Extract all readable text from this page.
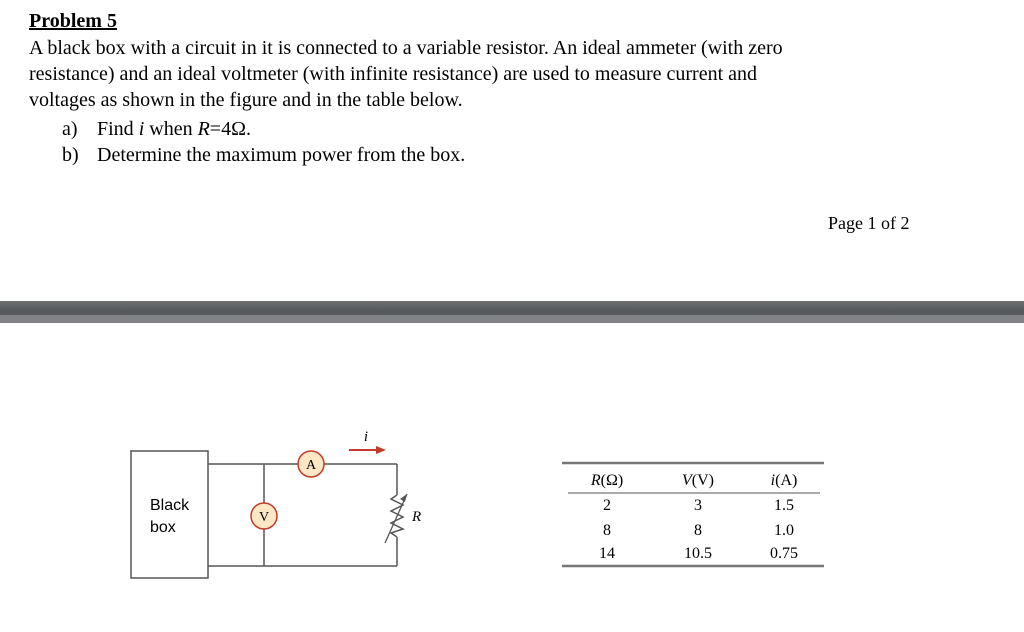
Problem 5
A black box with a circuit in it is connected to a variable resistor. An ideal ammeter (with zero
resistance) and an ideal voltmeter (with infinite resistance) are used to measure current and
voltages as shown in the figure and in the table below.
a) Find i when R=4Ω.
b) Determine the maximum power from the box.
Page 1 of 2
Black
box
R
V
A
i
R(Ω)	V(V)	i(A)
2	3	1.5
8	8	1.0
14	10.5	0.75
